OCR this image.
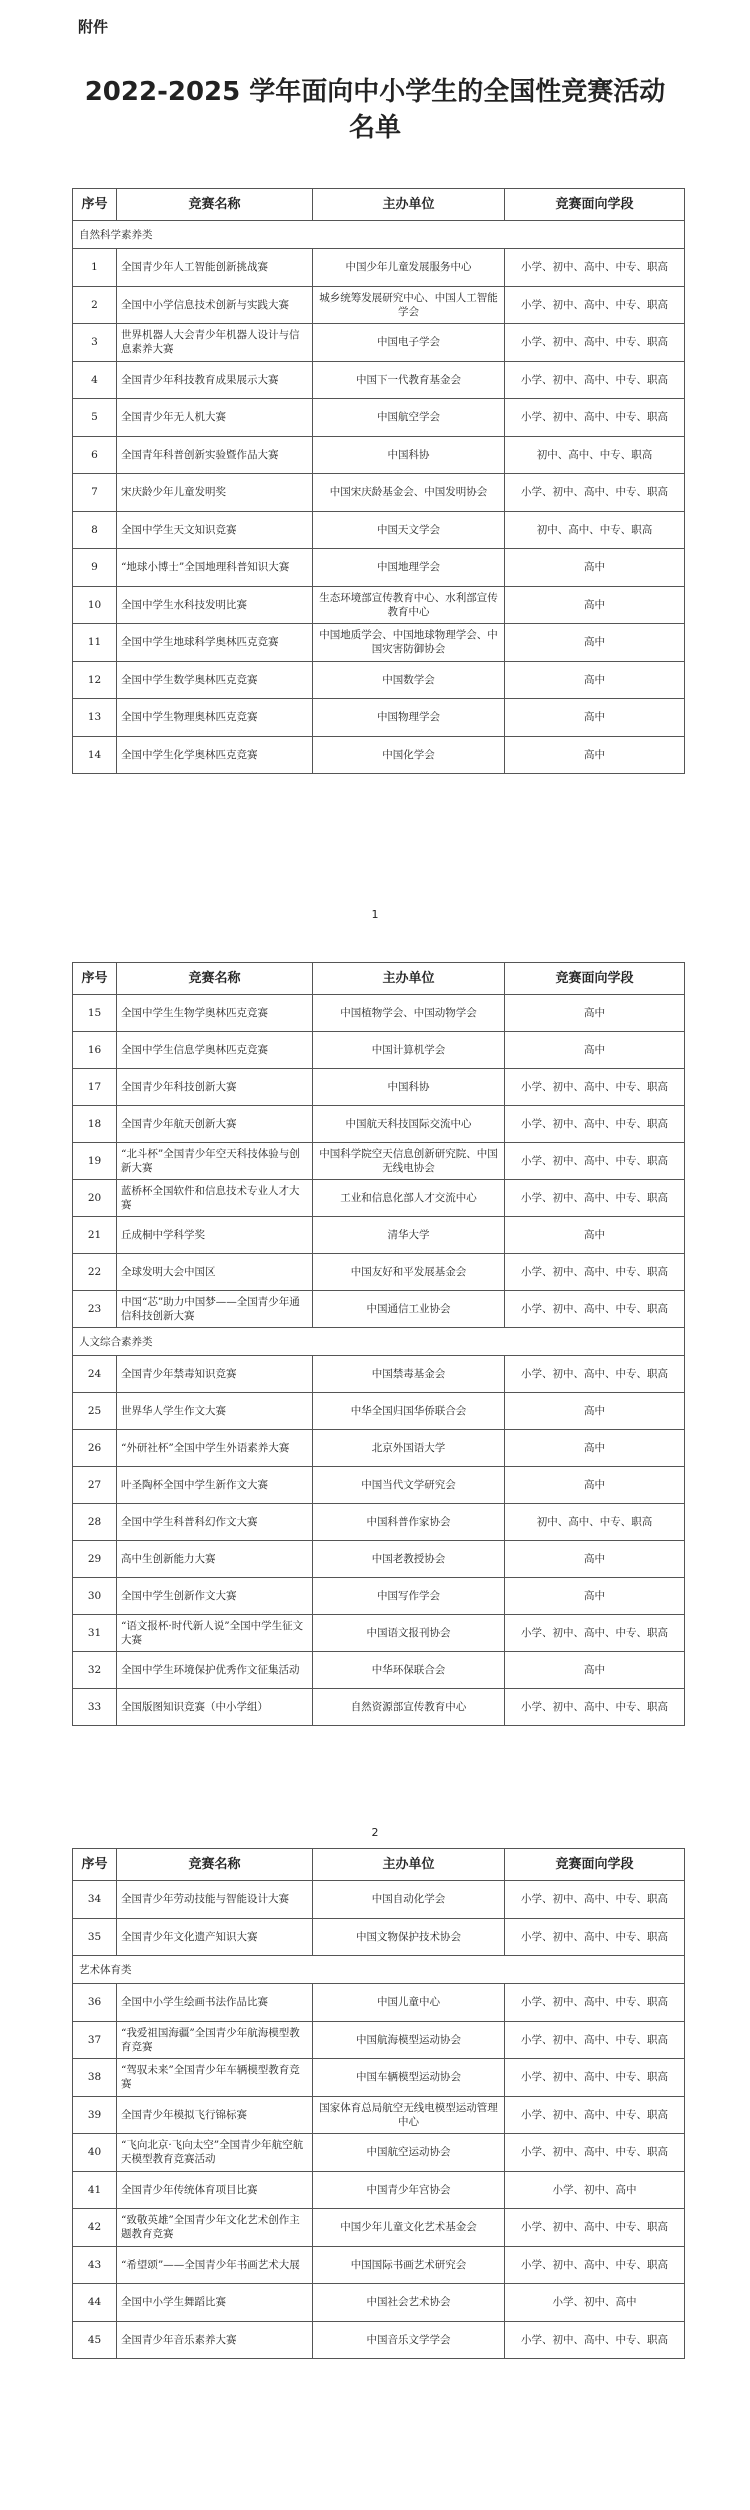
附件
2022-2025 学年面向中小学生的全国性竞赛活动名单
序号	竞赛名称	主办单位	竞赛面向学段
自然科学素养类			
1	全国青少年人工智能创新挑战赛	中国少年儿童发展服务中心	小学、初中、高中、中专、职高
2	全国中小学信息技术创新与实践大赛	城乡统筹发展研究中心、中国人工智能学会	小学、初中、高中、中专、职高
3	世界机器人大会青少年机器人设计与信息素养大赛	中国电子学会	小学、初中、高中、中专、职高
4	全国青少年科技教育成果展示大赛	中国下一代教育基金会	小学、初中、高中、中专、职高
5	全国青少年无人机大赛	中国航空学会	小学、初中、高中、中专、职高
6	全国青年科普创新实验暨作品大赛	中国科协	初中、高中、中专、职高
7	宋庆龄少年儿童发明奖	中国宋庆龄基金会、中国发明协会	小学、初中、高中、中专、职高
8	全国中学生天文知识竞赛	中国天文学会	初中、高中、中专、职高
9	“地球小博士”全国地理科普知识大赛	中国地理学会	高中
10	全国中学生水科技发明比赛	生态环境部宣传教育中心、水利部宣传教育中心	高中
11	全国中学生地球科学奥林匹克竞赛	中国地质学会、中国地球物理学会、中国灾害防御协会	高中
12	全国中学生数学奥林匹克竞赛	中国数学会	高中
13	全国中学生物理奥林匹克竞赛	中国物理学会	高中
14	全国中学生化学奥林匹克竞赛	中国化学会	高中
序号	竞赛名称	主办单位	竞赛面向学段
15	全国中学生生物学奥林匹克竞赛	中国植物学会、中国动物学会	高中
16	全国中学生信息学奥林匹克竞赛	中国计算机学会	高中
17	全国青少年科技创新大赛	中国科协	小学、初中、高中、中专、职高
18	全国青少年航天创新大赛	中国航天科技国际交流中心	小学、初中、高中、中专、职高
19	“北斗杯”全国青少年空天科技体验与创新大赛	中国科学院空天信息创新研究院、中国无线电协会	小学、初中、高中、中专、职高
20	蓝桥杯全国软件和信息技术专业人才大赛	工业和信息化部人才交流中心	小学、初中、高中、中专、职高
21	丘成桐中学科学奖	清华大学	高中
22	全球发明大会中国区	中国友好和平发展基金会	小学、初中、高中、中专、职高
23	中国“芯”助力中国梦——全国青少年通信科技创新大赛	中国通信工业协会	小学、初中、高中、中专、职高
人文综合素养类			
24	全国青少年禁毒知识竞赛	中国禁毒基金会	小学、初中、高中、中专、职高
25	世界华人学生作文大赛	中华全国归国华侨联合会	高中
26	“外研社杯”全国中学生外语素养大赛	北京外国语大学	高中
27	叶圣陶杯全国中学生新作文大赛	中国当代文学研究会	高中
28	全国中学生科普科幻作文大赛	中国科普作家协会	初中、高中、中专、职高
29	高中生创新能力大赛	中国老教授协会	高中
30	全国中学生创新作文大赛	中国写作学会	高中
31	“语文报杯·时代新人说”全国中学生征文大赛	中国语文报刊协会	小学、初中、高中、中专、职高
32	全国中学生环境保护优秀作文征集活动	中华环保联合会	高中
33	全国版图知识竞赛（中小学组）	自然资源部宣传教育中心	小学、初中、高中、中专、职高
序号	竞赛名称	主办单位	竞赛面向学段
34	全国青少年劳动技能与智能设计大赛	中国自动化学会	小学、初中、高中、中专、职高
35	全国青少年文化遗产知识大赛	中国文物保护技术协会	小学、初中、高中、中专、职高
艺术体育类			
36	全国中小学生绘画书法作品比赛	中国儿童中心	小学、初中、高中、中专、职高
37	“我爱祖国海疆”全国青少年航海模型教育竞赛	中国航海模型运动协会	小学、初中、高中、中专、职高
38	“驾驭未来”全国青少年车辆模型教育竞赛	中国车辆模型运动协会	小学、初中、高中、中专、职高
39	全国青少年模拟飞行锦标赛	国家体育总局航空无线电模型运动管理中心	小学、初中、高中、中专、职高
40	“飞向北京·飞向太空”全国青少年航空航天模型教育竞赛活动	中国航空运动协会	小学、初中、高中、中专、职高
41	全国青少年传统体育项目比赛	中国青少年宫协会	小学、初中、高中
42	“致敬英雄”全国青少年文化艺术创作主题教育竞赛	中国少年儿童文化艺术基金会	小学、初中、高中、中专、职高
43	“希望颂”——全国青少年书画艺术大展	中国国际书画艺术研究会	小学、初中、高中、中专、职高
44	全国中小学生舞蹈比赛	中国社会艺术协会	小学、初中、高中
45	全国青少年音乐素养大赛	中国音乐文学学会	小学、初中、高中、中专、职高
1
2
